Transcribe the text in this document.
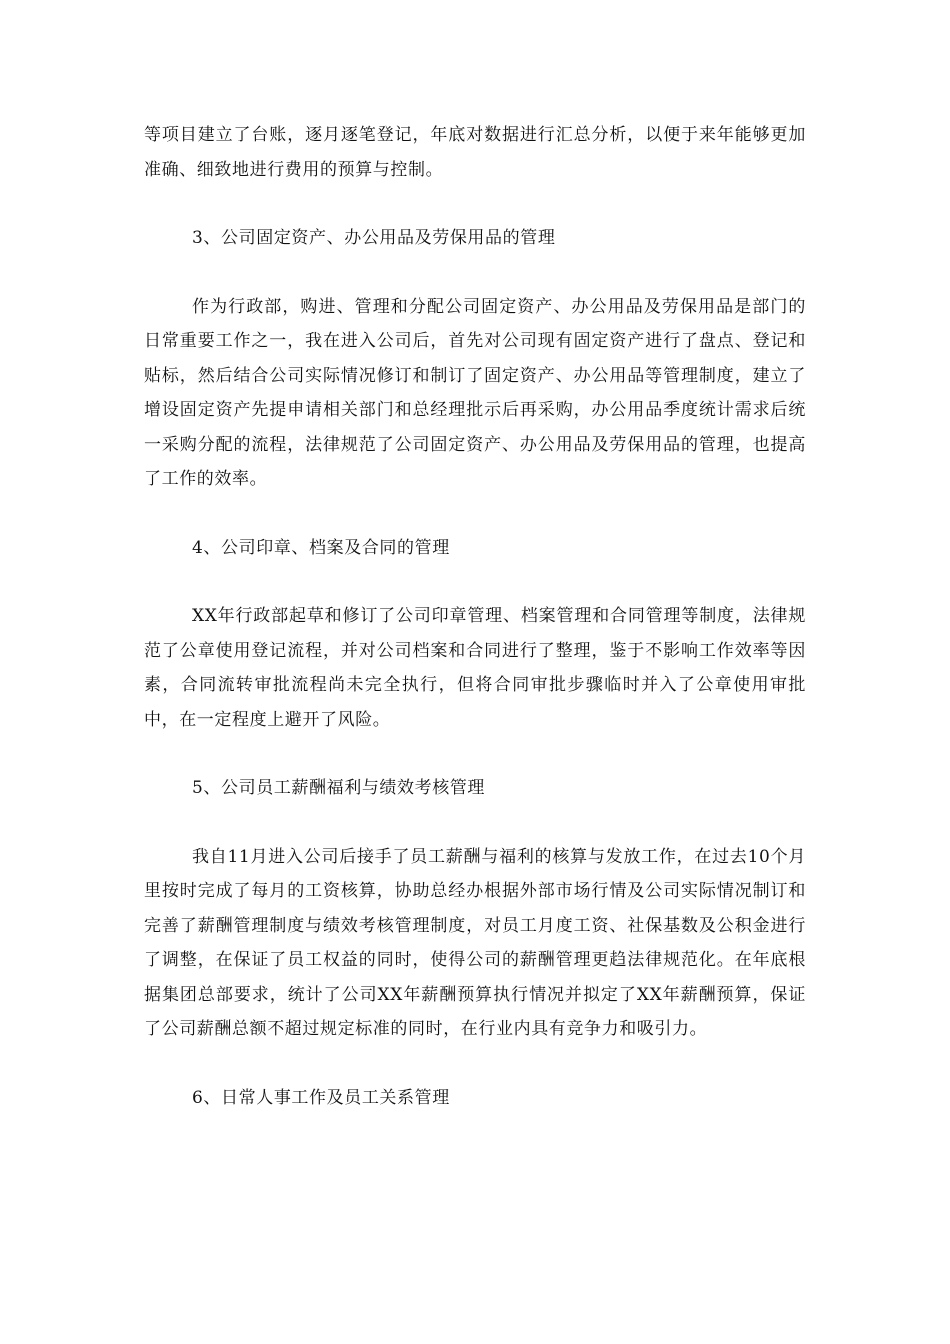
等项目建立了台账，逐月逐笔登记，年底对数据进行汇总分析，以便于来年能够更加准确、细致地进行费用的预算与控制。

3、公司固定资产、办公用品及劳保用品的管理

作为行政部，购进、管理和分配公司固定资产、办公用品及劳保用品是部门的日常重要工作之一，我在进入公司后，首先对公司现有固定资产进行了盘点、登记和贴标，然后结合公司实际情况修订和制订了固定资产、办公用品等管理制度，建立了增设固定资产先提申请相关部门和总经理批示后再采购，办公用品季度统计需求后统一采购分配的流程，法律规范了公司固定资产、办公用品及劳保用品的管理，也提高了工作的效率。

4、公司印章、档案及合同的管理

XX年行政部起草和修订了公司印章管理、档案管理和合同管理等制度，法律规范了公章使用登记流程，并对公司档案和合同进行了整理，鉴于不影响工作效率等因素，合同流转审批流程尚未完全执行，但将合同审批步骤临时并入了公章使用审批中，在一定程度上避开了风险。

5、公司员工薪酬福利与绩效考核管理

我自11月进入公司后接手了员工薪酬与福利的核算与发放工作，在过去10个月里按时完成了每月的工资核算，协助总经办根据外部市场行情及公司实际情况制订和完善了薪酬管理制度与绩效考核管理制度，对员工月度工资、社保基数及公积金进行了调整，在保证了员工权益的同时，使得公司的薪酬管理更趋法律规范化。在年底根据集团总部要求，统计了公司XX年薪酬预算执行情况并拟定了XX年薪酬预算，保证了公司薪酬总额不超过规定标准的同时，在行业内具有竞争力和吸引力。

6、日常人事工作及员工关系管理
